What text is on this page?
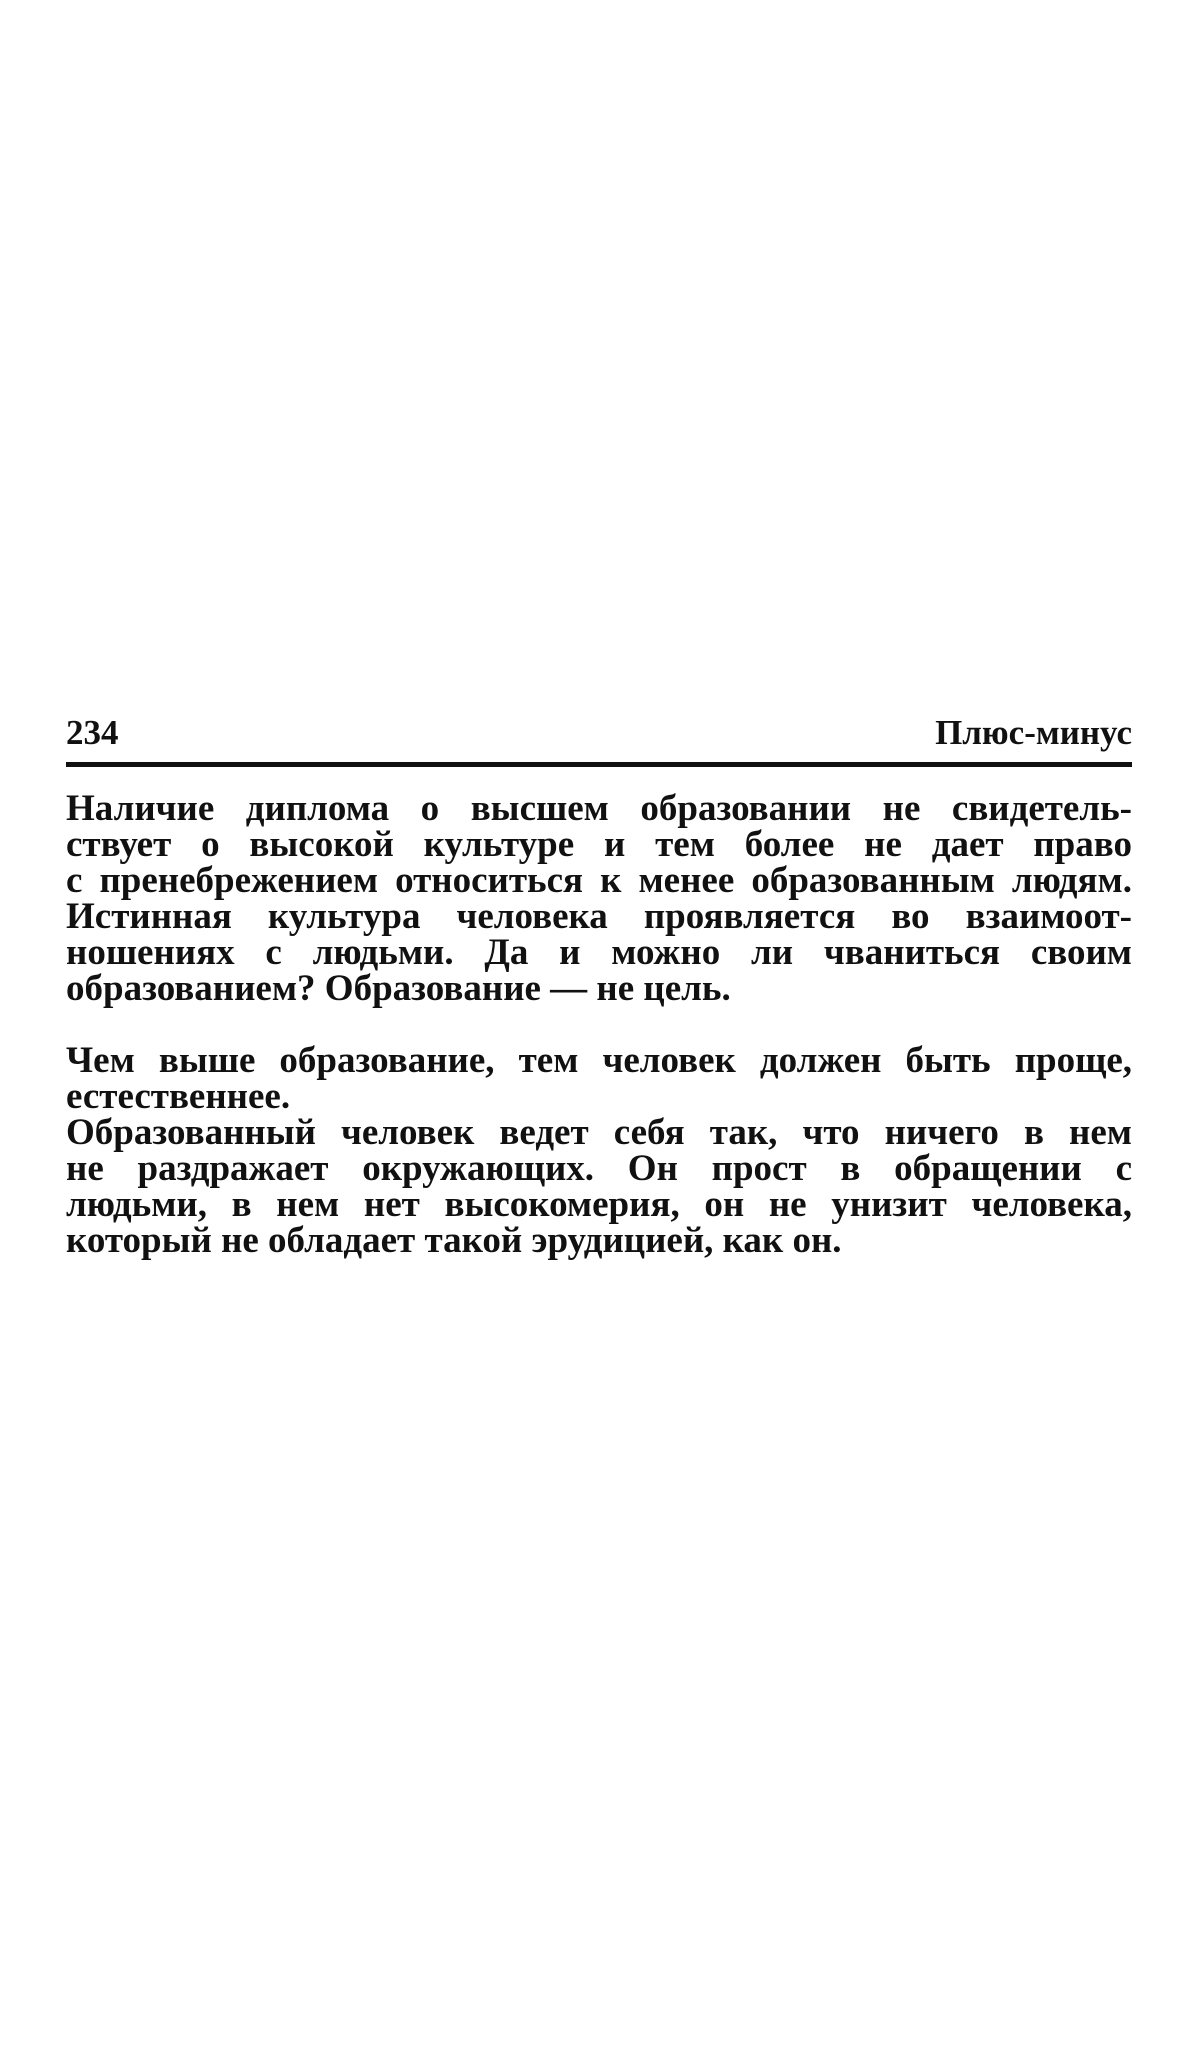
234	Плюс-минус
Наличие диплома о высшем образовании не свидетель-
ствует о высокой культуре и тем более не дает право
с пренебрежением относиться к менее образованным людям.
Истинная культура человека проявляется во взаимоот-
ношениях с людьми. Да и можно ли чваниться своим
образованием? Образование — не цель.
Чем выше образование, тем человек должен быть проще,
естественнее.
Образованный человек ведет себя так, что ничего в нем
не раздражает окружающих. Он прост в обращении с
людьми, в нем нет высокомерия, он не унизит человека,
который не обладает такой эрудицией, как он.
